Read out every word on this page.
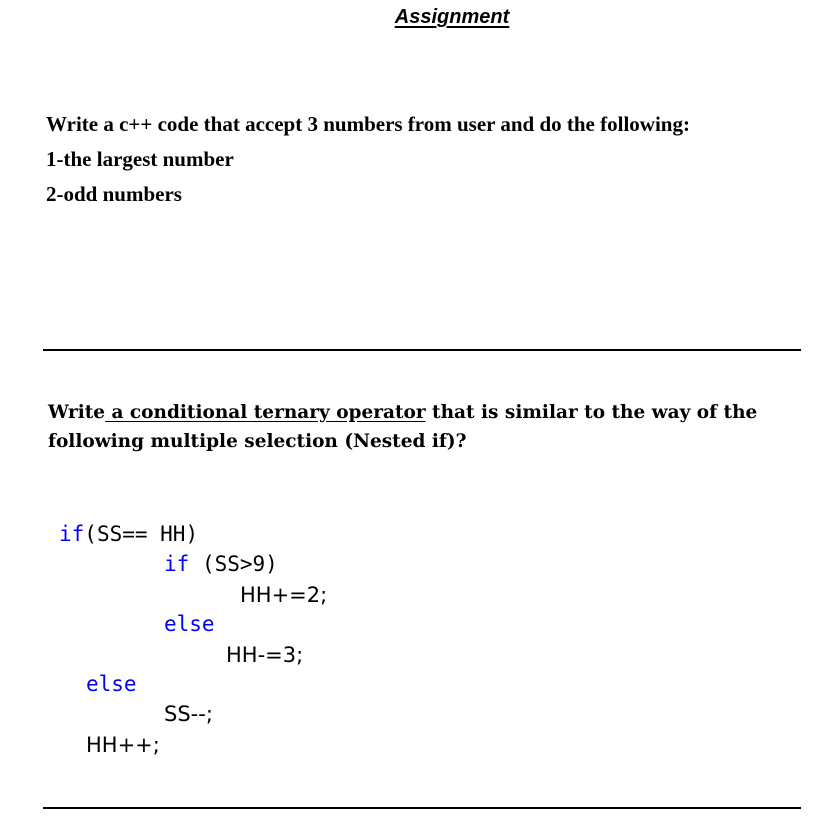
Assignment
Write a c++ code that accept 3 numbers from user and do the following:
1-the largest number
2-odd numbers
Write a conditional ternary operator that is similar to the way of the
following multiple selection (Nested if)?
if(SS== HH)
if (SS>9)
HH+=2;
else
HH-=3;
else
SS--;
HH++;
